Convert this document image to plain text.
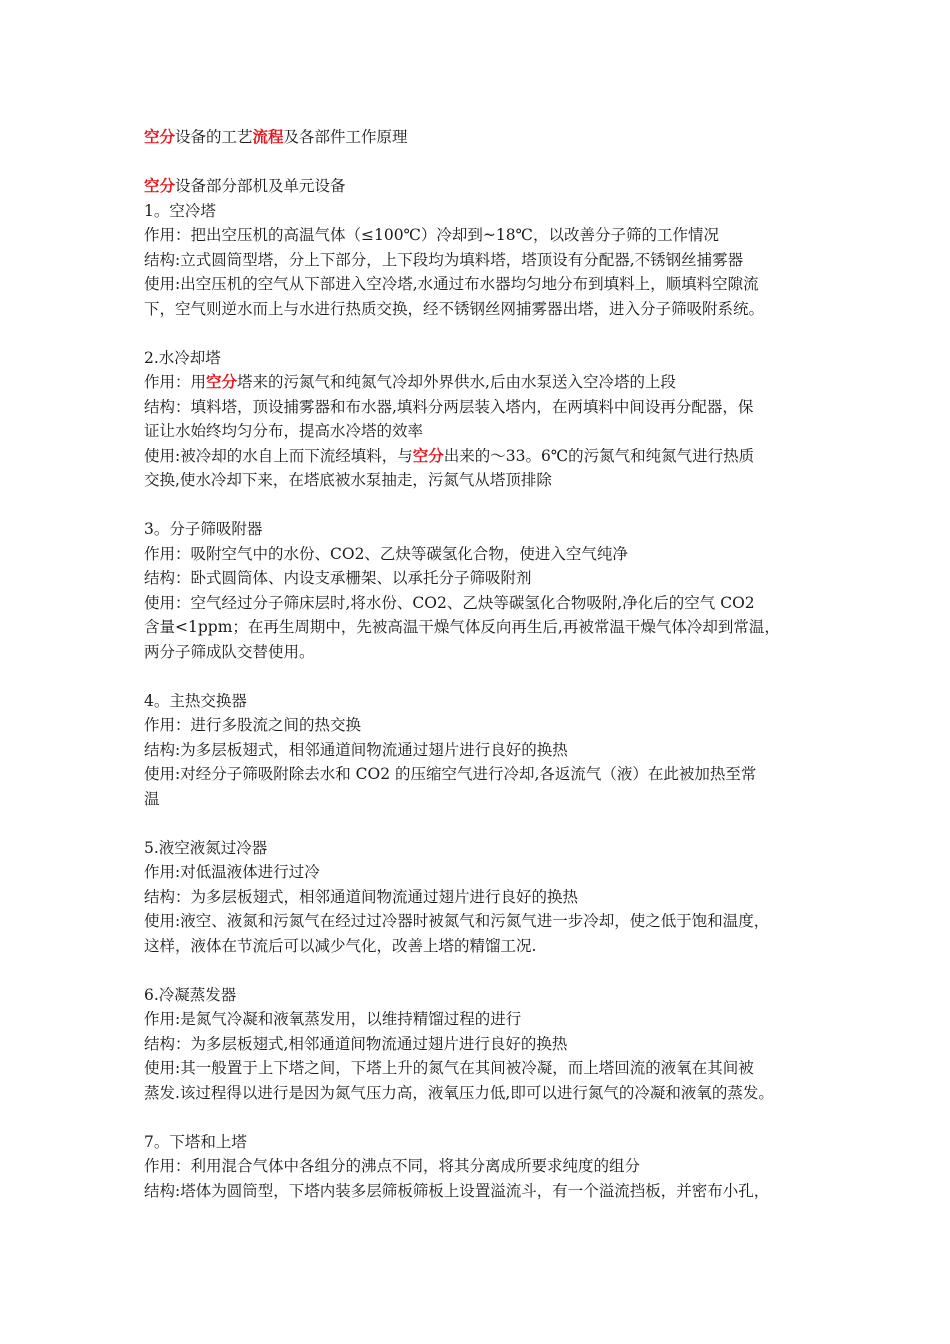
空分设备的工艺流程及各部件工作原理
空分设备部分部机及单元设备
1。空冷塔
作用：把出空压机的高温气体（≤100℃）冷却到~18℃，以改善分子筛的工作情况
结构:立式圆筒型塔，分上下部分，上下段均为填料塔，塔顶设有分配器,不锈钢丝捕雾器
使用:出空压机的空气从下部进入空冷塔,水通过布水器均匀地分布到填料上，顺填料空隙流
下，空气则逆水而上与水进行热质交换，经不锈钢丝网捕雾器出塔，进入分子筛吸附系统。
2.水冷却塔
作用：用空分塔来的污氮气和纯氮气冷却外界供水,后由水泵送入空冷塔的上段
结构：填料塔，顶设捕雾器和布水器,填料分两层装入塔内，在两填料中间设再分配器，保
证让水始终均匀分布，提高水冷塔的效率
使用:被冷却的水自上而下流经填料，与空分出来的～33。6℃的污氮气和纯氮气进行热质
交换,使水冷却下来，在塔底被水泵抽走，污氮气从塔顶排除
3。分子筛吸附器
作用：吸附空气中的水份、CO2、乙炔等碳氢化合物，使进入空气纯净
结构：卧式圆筒体、内设支承栅架、以承托分子筛吸附剂
使用：空气经过分子筛床层时,将水份、CO2、乙炔等碳氢化合物吸附,净化后的空气 CO2
含量<1ppm；在再生周期中，先被高温干燥气体反向再生后,再被常温干燥气体冷却到常温，
两分子筛成队交替使用。
4。主热交换器
作用：进行多股流之间的热交换
结构:为多层板翅式，相邻通道间物流通过翅片进行良好的换热
使用:对经分子筛吸附除去水和 CO2 的压缩空气进行冷却,各返流气（液）在此被加热至常
温
5.液空液氮过冷器
作用:对低温液体进行过冷
结构：为多层板翅式，相邻通道间物流通过翅片进行良好的换热
使用:液空、液氮和污氮气在经过过冷器时被氮气和污氮气进一步冷却，使之低于饱和温度，
这样，液体在节流后可以减少气化，改善上塔的精馏工况.
6.冷凝蒸发器
作用:是氮气冷凝和液氧蒸发用，以维持精馏过程的进行
结构：为多层板翅式,相邻通道间物流通过翅片进行良好的换热
使用:其一般置于上下塔之间，下塔上升的氮气在其间被冷凝，而上塔回流的液氧在其间被
蒸发.该过程得以进行是因为氮气压力高，液氧压力低,即可以进行氮气的冷凝和液氧的蒸发。
7。下塔和上塔
作用：利用混合气体中各组分的沸点不同，将其分离成所要求纯度的组分
结构:塔体为圆筒型，下塔内装多层筛板筛板上设置溢流斗，有一个溢流挡板，并密布小孔，
